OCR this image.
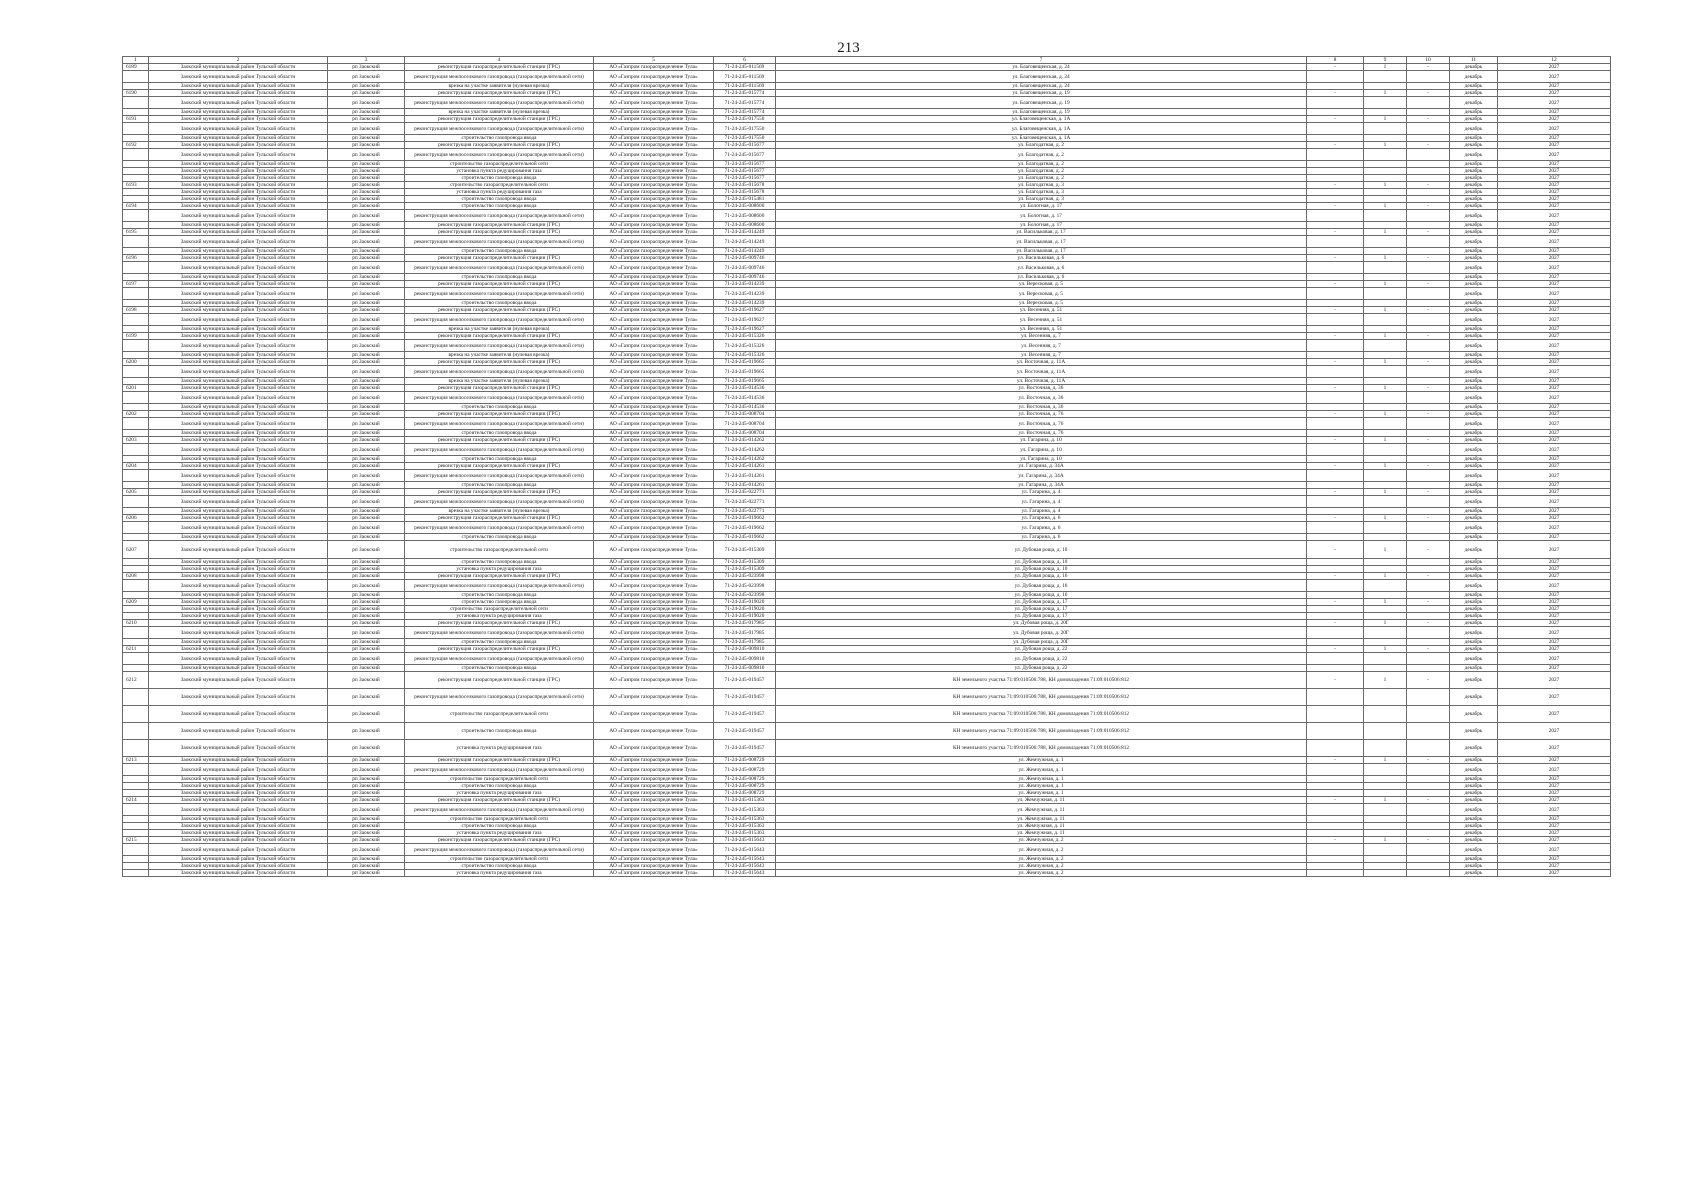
213
1	2	3	4	5	6	7	8	9	10	11	12
6189	Заокский муниципальный район Тульской области	рп Заокский	реконструкция газораспределительной станции (ГРС)	АО «Газпром газораспределение Тула»	71-24-245-011569	ул. Благовещенская, д. 24	-	1	-	декабрь	2027
	Заокский муниципальный район Тульской области	рп Заокский	реконструкция межпоселкового газопровода (газораспределительной сети)	АО «Газпром газораспределение Тула»	71-24-245-011569	ул. Благовещенская, д. 24				декабрь	2027
	Заокский муниципальный район Тульской области	рп Заокский	врезка на участке заявителя (нулевая врезка)	АО «Газпром газораспределение Тула»	71-24-245-011569	ул. Благовещенская, д. 24				декабрь	2027
6190	Заокский муниципальный район Тульской области	рп Заокский	реконструкция газораспределительной станции (ГРС)	АО «Газпром газораспределение Тула»	71-24-245-015774	ул. Благовещенская, д. 19	-	1	-	декабрь	2027
	Заокский муниципальный район Тульской области	рп Заокский	реконструкция межпоселкового газопровода (газораспределительной сети)	АО «Газпром газораспределение Тула»	71-24-245-015774	ул. Благовещенская, д. 19				декабрь	2027
	Заокский муниципальный район Тульской области	рп Заокский	врезка на участке заявителя (нулевая врезка)	АО «Газпром газораспределение Тула»	71-24-245-015774	ул. Благовещенская, д. 19				декабрь	2027
6191	Заокский муниципальный район Тульской области	рп Заокский	реконструкция газораспределительной станции (ГРС)	АО «Газпром газораспределение Тула»	71-24-245-017550	ул. Благовещенская, д. 1А	-	1	-	декабрь	2027
	Заокский муниципальный район Тульской области	рп Заокский	реконструкция межпоселкового газопровода (газораспределительной сети)	АО «Газпром газораспределение Тула»	71-24-245-017550	ул. Благовещенская, д. 1А				декабрь	2027
	Заокский муниципальный район Тульской области	рп Заокский	строительство газопровода ввода	АО «Газпром газораспределение Тула»	71-24-245-017550	ул. Благовещенская, д. 1А				декабрь	2027
6192	Заокский муниципальный район Тульской области	рп Заокский	реконструкция газораспределительной станции (ГРС)	АО «Газпром газораспределение Тула»	71-24-245-015677	ул. Благодатная, д. 2	-	1	-	декабрь	2027
	Заокский муниципальный район Тульской области	рп Заокский	реконструкция межпоселкового газопровода (газораспределительной сети)	АО «Газпром газораспределение Тула»	71-24-245-015677	ул. Благодатная, д. 2				декабрь	2027
	Заокский муниципальный район Тульской области	рп Заокский	строительство газораспределительной сети	АО «Газпром газораспределение Тула»	71-24-245-015677	ул. Благодатная, д. 2				декабрь	2027
	Заокский муниципальный район Тульской области	рп Заокский	установка пункта редуцирования газа	АО «Газпром газораспределение Тула»	71-24-245-015677	ул. Благодатная, д. 2				декабрь	2027
	Заокский муниципальный район Тульской области	рп Заокский	строительство газопровода ввода	АО «Газпром газораспределение Тула»	71-24-245-015677	ул. Благодатная, д. 2				декабрь	2027
6193	Заокский муниципальный район Тульской области	рп Заокский	строительство газораспределительной сети	АО «Газпром газораспределение Тула»	71-24-245-015678	ул. Благодатная, д. 3	-	1	-	декабрь	2027
	Заокский муниципальный район Тульской области	рп Заокский	установка пункта редуцирования газа	АО «Газпром газораспределение Тула»	71-24-245-015678	ул. Благодатная, д. 3				декабрь	2027
	Заокский муниципальный район Тульской области	рп Заокский	строительство газопровода ввода	АО «Газпром газораспределение Тула»	71-24-245-015481	ул. Благодатная, д. 3				декабрь	2027
6194	Заокский муниципальный район Тульской области	рп Заокский	строительство газопровода ввода	АО «Газпром газораспределение Тула»	71-24-245-008600	ул. Болотная, д. 17	-	1	-	декабрь	2027
	Заокский муниципальный район Тульской области	рп Заокский	реконструкция межпоселкового газопровода (газораспределительной сети)	АО «Газпром газораспределение Тула»	71-24-245-008600	ул. Болотная, д. 17				декабрь	2027
	Заокский муниципальный район Тульской области	рп Заокский	реконструкция газораспределительной станции (ГРС)	АО «Газпром газораспределение Тула»	71-24-245-008600	ул. Болотная, д. 17				декабрь	2027
6195	Заокский муниципальный район Тульской области	рп Заокский	реконструкция газораспределительной станции (ГРС)	АО «Газпром газораспределение Тула»	71-24-245-014249	ул. Васильковая, д. 17	-	1	-	декабрь	2027
	Заокский муниципальный район Тульской области	рп Заокский	реконструкция межпоселкового газопровода (газораспределительной сети)	АО «Газпром газораспределение Тула»	71-24-245-014249	ул. Васильковая, д. 17				декабрь	2027
	Заокский муниципальный район Тульской области	рп Заокский	строительство газопровода ввода	АО «Газпром газораспределение Тула»	71-24-245-014249	ул. Васильковая, д. 17				декабрь	2027
6196	Заокский муниципальный район Тульской области	рп Заокский	реконструкция газораспределительной станции (ГРС)	АО «Газпром газораспределение Тула»	71-24-245-009746	ул. Васильковая, д. 6	-	1	-	декабрь	2027
	Заокский муниципальный район Тульской области	рп Заокский	реконструкция межпоселкового газопровода (газораспределительной сети)	АО «Газпром газораспределение Тула»	71-24-245-009746	ул. Васильковая, д. 6				декабрь	2027
	Заокский муниципальный район Тульской области	рп Заокский	строительство газопровода ввода	АО «Газпром газораспределение Тула»	71-24-245-009746	ул. Васильковая, д. 6				декабрь	2027
6197	Заокский муниципальный район Тульской области	рп Заокский	реконструкция газораспределительной станции (ГРС)	АО «Газпром газораспределение Тула»	71-24-245-014239	ул. Вересковая, д. 5	-	1	-	декабрь	2027
	Заокский муниципальный район Тульской области	рп Заокский	реконструкция межпоселкового газопровода (газораспределительной сети)	АО «Газпром газораспределение Тула»	71-24-245-014239	ул. Вересковая, д. 5				декабрь	2027
	Заокский муниципальный район Тульской области	рп Заокский	строительство газопровода ввода	АО «Газпром газораспределение Тула»	71-24-245-014239	ул. Вересковая, д. 5				декабрь	2027
6198	Заокский муниципальный район Тульской области	рп Заокский	реконструкция газораспределительной станции (ГРС)	АО «Газпром газораспределение Тула»	71-24-245-019627	ул. Весенняя, д. 51	-	1	-	декабрь	2027
	Заокский муниципальный район Тульской области	рп Заокский	реконструкция межпоселкового газопровода (газораспределительной сети)	АО «Газпром газораспределение Тула»	71-24-245-019627	ул. Весенняя, д. 51				декабрь	2027
	Заокский муниципальный район Тульской области	рп Заокский	врезка на участке заявителя (нулевая врезка)	АО «Газпром газораспределение Тула»	71-24-245-019627	ул. Весенняя, д. 51				декабрь	2027
6199	Заокский муниципальный район Тульской области	рп Заокский	реконструкция газораспределительной станции (ГРС)	АО «Газпром газораспределение Тула»	71-24-245-015326	ул. Весенняя, д. 7	-	1	-	декабрь	2027
	Заокский муниципальный район Тульской области	рп Заокский	реконструкция межпоселкового газопровода (газораспределительной сети)	АО «Газпром газораспределение Тула»	71-24-245-015326	ул. Весенняя, д. 7				декабрь	2027
	Заокский муниципальный район Тульской области	рп Заокский	врезка на участке заявителя (нулевая врезка)	АО «Газпром газораспределение Тула»	71-24-245-015326	ул. Весенняя, д. 7				декабрь	2027
6200	Заокский муниципальный район Тульской области	рп Заокский	реконструкция газораспределительной станции (ГРС)	АО «Газпром газораспределение Тула»	71-24-245-019665	ул. Восточная, д. 11А	-	1	-	декабрь	2027
	Заокский муниципальный район Тульской области	рп Заокский	реконструкция межпоселкового газопровода (газораспределительной сети)	АО «Газпром газораспределение Тула»	71-24-245-019665	ул. Восточная, д. 11А				декабрь	2027
	Заокский муниципальный район Тульской области	рп Заокский	врезка на участке заявителя (нулевая врезка)	АО «Газпром газораспределение Тула»	71-24-245-019665	ул. Восточная, д. 11А				декабрь	2027
6201	Заокский муниципальный район Тульской области	рп Заокский	реконструкция газораспределительной станции (ГРС)	АО «Газпром газораспределение Тула»	71-24-245-014536	ул. Восточная, д. 36	-	1	-	декабрь	2027
	Заокский муниципальный район Тульской области	рп Заокский	реконструкция межпоселкового газопровода (газораспределительной сети)	АО «Газпром газораспределение Тула»	71-24-245-014536	ул. Восточная, д. 36				декабрь	2027
	Заокский муниципальный район Тульской области	рп Заокский	строительство газопровода ввода	АО «Газпром газораспределение Тула»	71-24-245-014536	ул. Восточная, д. 36				декабрь	2027
6202	Заокский муниципальный район Тульской области	рп Заокский	реконструкция газораспределительной станции (ГРС)	АО «Газпром газораспределение Тула»	71-24-245-008704	ул. Восточная, д. 76	-	1	-	декабрь	2027
	Заокский муниципальный район Тульской области	рп Заокский	реконструкция межпоселкового газопровода (газораспределительной сети)	АО «Газпром газораспределение Тула»	71-24-245-008704	ул. Восточная, д. 76				декабрь	2027
	Заокский муниципальный район Тульской области	рп Заокский	строительство газопровода ввода	АО «Газпром газораспределение Тула»	71-24-245-008704	ул. Восточная, д. 76				декабрь	2027
6203	Заокский муниципальный район Тульской области	рп Заокский	реконструкция газораспределительной станции (ГРС)	АО «Газпром газораспределение Тула»	71-24-245-014262	ул. Гагарина, д. 10	-	1	-	декабрь	2027
	Заокский муниципальный район Тульской области	рп Заокский	реконструкция межпоселкового газопровода (газораспределительной сети)	АО «Газпром газораспределение Тула»	71-24-245-014262	ул. Гагарина, д. 10				декабрь	2027
	Заокский муниципальный район Тульской области	рп Заокский	строительство газопровода ввода	АО «Газпром газораспределение Тула»	71-24-245-014262	ул. Гагарина, д. 10				декабрь	2027
6204	Заокский муниципальный район Тульской области	рп Заокский	реконструкция газораспределительной станции (ГРС)	АО «Газпром газораспределение Тула»	71-24-245-014261	ул. Гагарина, д. 34А	-	1	-	декабрь	2027
	Заокский муниципальный район Тульской области	рп Заокский	реконструкция межпоселкового газопровода (газораспределительной сети)	АО «Газпром газораспределение Тула»	71-24-245-014261	ул. Гагарина, д. 34А				декабрь	2027
	Заокский муниципальный район Тульской области	рп Заокский	строительство газопровода ввода	АО «Газпром газораспределение Тула»	71-24-245-014261	ул. Гагарина, д. 34А				декабрь	2027
6205	Заокский муниципальный район Тульской области	рп Заокский	реконструкция газораспределительной станции (ГРС)	АО «Газпром газораспределение Тула»	71-24-245-022771	ул. Гагарина, д. 4	-	1	-	декабрь	2027
	Заокский муниципальный район Тульской области	рп Заокский	реконструкция межпоселкового газопровода (газораспределительной сети)	АО «Газпром газораспределение Тула»	71-24-245-022771	ул. Гагарина, д. 4				декабрь	2027
	Заокский муниципальный район Тульской области	рп Заокский	врезка на участке заявителя (нулевая врезка)	АО «Газпром газораспределение Тула»	71-24-245-022771	ул. Гагарина, д. 4				декабрь	2027
6206	Заокский муниципальный район Тульской области	рп Заокский	реконструкция газораспределительной станции (ГРС)	АО «Газпром газораспределение Тула»	71-24-245-019662	ул. Гагарина, д. 6	-	1	-	декабрь	2027
	Заокский муниципальный район Тульской области	рп Заокский	реконструкция межпоселкового газопровода (газораспределительной сети)	АО «Газпром газораспределение Тула»	71-24-245-019662	ул. Гагарина, д. 6				декабрь	2027
	Заокский муниципальный район Тульской области	рп Заокский	строительство газопровода ввода	АО «Газпром газораспределение Тула»	71-24-245-019662	ул. Гагарина, д. 6				декабрь	2027
6207	Заокский муниципальный район Тульской области	рп Заокский	строительство газораспределительной сети	АО «Газпром газораспределение Тула»	71-24-245-015309	ул. Дубовая роща, д. 10	-	1	-	декабрь	2027
	Заокский муниципальный район Тульской области	рп Заокский	строительство газопровода ввода	АО «Газпром газораспределение Тула»	71-24-245-015309	ул. Дубовая роща, д. 10				декабрь	2027
	Заокский муниципальный район Тульской области	рп Заокский	установка пункта редуцирования газа	АО «Газпром газораспределение Тула»	71-24-245-015309	ул. Дубовая роща, д. 10				декабрь	2027
6208	Заокский муниципальный район Тульской области	рп Заокский	реконструкция газораспределительной станции (ГРС)	АО «Газпром газораспределение Тула»	71-24-245-023998	ул. Дубовая роща, д. 16	-	1	-	декабрь	2027
	Заокский муниципальный район Тульской области	рп Заокский	реконструкция межпоселкового газопровода (газораспределительной сети)	АО «Газпром газораспределение Тула»	71-24-245-023998	ул. Дубовая роща, д. 16				декабрь	2027
	Заокский муниципальный район Тульской области	рп Заокский	строительство газопровода ввода	АО «Газпром газораспределение Тула»	71-24-245-023998	ул. Дубовая роща, д. 16				декабрь	2027
6209	Заокский муниципальный район Тульской области	рп Заокский	строительство газопровода ввода	АО «Газпром газораспределение Тула»	71-24-245-019020	ул. Дубовая роща, д. 17	-	1	-	декабрь	2027
	Заокский муниципальный район Тульской области	рп Заокский	строительство газораспределительной сети	АО «Газпром газораспределение Тула»	71-24-245-019020	ул. Дубовая роща, д. 17				декабрь	2027
	Заокский муниципальный район Тульской области	рп Заокский	установка пункта редуцирования газа	АО «Газпром газораспределение Тула»	71-24-245-019020	ул. Дубовая роща, д. 17				декабрь	2027
6210	Заокский муниципальный район Тульской области	рп Заокский	реконструкция газораспределительной станции (ГРС)	АО «Газпром газораспределение Тула»	71-24-245-017985	ул. Дубовая роща, д. 20Г	-	1	-	декабрь	2027
	Заокский муниципальный район Тульской области	рп Заокский	реконструкция межпоселкового газопровода (газораспределительной сети)	АО «Газпром газораспределение Тула»	71-24-245-017985	ул. Дубовая роща, д. 20Г				декабрь	2027
	Заокский муниципальный район Тульской области	рп Заокский	строительство газопровода ввода	АО «Газпром газораспределение Тула»	71-24-245-017985	ул. Дубовая роща, д. 20Г				декабрь	2027
6211	Заокский муниципальный район Тульской области	рп Заокский	реконструкция газораспределительной станции (ГРС)	АО «Газпром газораспределение Тула»	71-24-245-009810	ул. Дубовая роща, д. 22	-	1	-	декабрь	2027
	Заокский муниципальный район Тульской области	рп Заокский	реконструкция межпоселкового газопровода (газораспределительной сети)	АО «Газпром газораспределение Тула»	71-24-245-009810	ул. Дубовая роща, д. 22				декабрь	2027
	Заокский муниципальный район Тульской области	рп Заокский	строительство газопровода ввода	АО «Газпром газораспределение Тула»	71-24-245-009810	ул. Дубовая роща, д. 22				декабрь	2027
6212	Заокский муниципальный район Тульской области	рп Заокский	реконструкция газораспределительной станции (ГРС)	АО «Газпром газораспределение Тула»	71-24-245-019457	КН земельного участка 71:09:010506:788, КН домовладения 71:09:010506:812	-	1	-	декабрь	2027
	Заокский муниципальный район Тульской области	рп Заокский	реконструкция межпоселкового газопровода (газораспределительной сети)	АО «Газпром газораспределение Тула»	71-24-245-019457	КН земельного участка 71:09:010506:788, КН домовладения 71:09:010506:812				декабрь	2027
	Заокский муниципальный район Тульской области	рп Заокский	строительство газораспределительной сети	АО «Газпром газораспределение Тула»	71-24-245-019457	КН земельного участка 71:09:010506:788, КН домовладения 71:09:010506:812				декабрь	2027
	Заокский муниципальный район Тульской области	рп Заокский	строительство газопровода ввода	АО «Газпром газораспределение Тула»	71-24-245-019457	КН земельного участка 71:09:010506:788, КН домовладения 71:09:010506:812				декабрь	2027
	Заокский муниципальный район Тульской области	рп Заокский	установка пункта редуцирования газа	АО «Газпром газораспределение Тула»	71-24-245-019457	КН земельного участка 71:09:010506:788, КН домовладения 71:09:010506:812				декабрь	2027
6213	Заокский муниципальный район Тульской области	рп Заокский	реконструкция газораспределительной станции (ГРС)	АО «Газпром газораспределение Тула»	71-24-245-008729	ул. Жемчужная, д. 1	-	1	-	декабрь	2027
	Заокский муниципальный район Тульской области	рп Заокский	реконструкция межпоселкового газопровода (газораспределительной сети)	АО «Газпром газораспределение Тула»	71-24-245-008729	ул. Жемчужная, д. 1				декабрь	2027
	Заокский муниципальный район Тульской области	рп Заокский	строительство газораспределительной сети	АО «Газпром газораспределение Тула»	71-24-245-008729	ул. Жемчужная, д. 1				декабрь	2027
	Заокский муниципальный район Тульской области	рп Заокский	строительство газопровода ввода	АО «Газпром газораспределение Тула»	71-24-245-008729	ул. Жемчужная, д. 1				декабрь	2027
	Заокский муниципальный район Тульской области	рп Заокский	установка пункта редуцирования газа	АО «Газпром газораспределение Тула»	71-24-245-008729	ул. Жемчужная, д. 1				декабрь	2027
6214	Заокский муниципальный район Тульской области	рп Заокский	реконструкция газораспределительной станции (ГРС)	АО «Газпром газораспределение Тула»	71-24-245-015363	ул. Жемчужная, д. 11	-	1	-	декабрь	2027
	Заокский муниципальный район Тульской области	рп Заокский	реконструкция межпоселкового газопровода (газораспределительной сети)	АО «Газпром газораспределение Тула»	71-24-245-015363	ул. Жемчужная, д. 11				декабрь	2027
	Заокский муниципальный район Тульской области	рп Заокский	строительство газораспределительной сети	АО «Газпром газораспределение Тула»	71-24-245-015363	ул. Жемчужная, д. 11				декабрь	2027
	Заокский муниципальный район Тульской области	рп Заокский	строительство газопровода ввода	АО «Газпром газораспределение Тула»	71-24-245-015363	ул. Жемчужная, д. 11				декабрь	2027
	Заокский муниципальный район Тульской области	рп Заокский	установка пункта редуцирования газа	АО «Газпром газораспределение Тула»	71-24-245-015363	ул. Жемчужная, д. 11				декабрь	2027
6215	Заокский муниципальный район Тульской области	рп Заокский	реконструкция газораспределительной станции (ГРС)	АО «Газпром газораспределение Тула»	71-24-245-015643	ул. Жемчужная, д. 2	-	1	-	декабрь	2027
	Заокский муниципальный район Тульской области	рп Заокский	реконструкция межпоселкового газопровода (газораспределительной сети)	АО «Газпром газораспределение Тула»	71-24-245-015643	ул. Жемчужная, д. 2				декабрь	2027
	Заокский муниципальный район Тульской области	рп Заокский	строительство газораспределительной сети	АО «Газпром газораспределение Тула»	71-24-245-015643	ул. Жемчужная, д. 2				декабрь	2027
	Заокский муниципальный район Тульской области	рп Заокский	строительство газопровода ввода	АО «Газпром газораспределение Тула»	71-24-245-015643	ул. Жемчужная, д. 2				декабрь	2027
	Заокский муниципальный район Тульской области	рп Заокский	установка пункта редуцирования газа	АО «Газпром газораспределение Тула»	71-24-245-015643	ул. Жемчужная, д. 2				декабрь	2027
